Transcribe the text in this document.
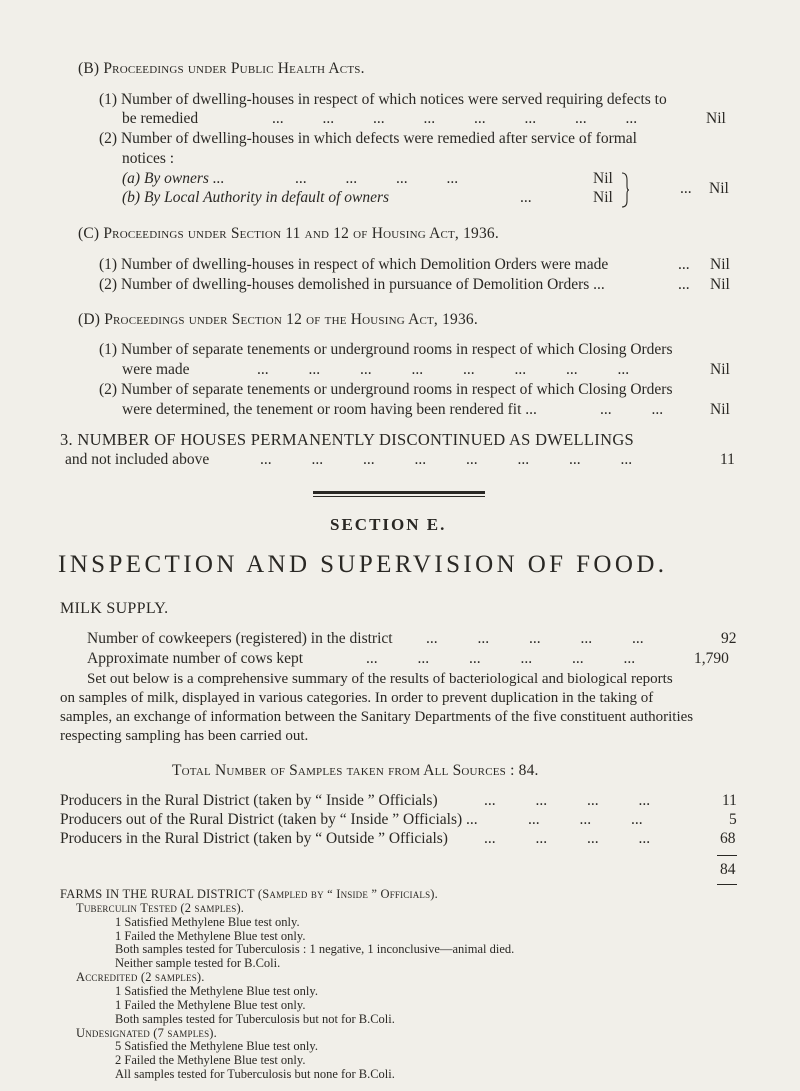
(B) Proceedings under Public Health Acts.
(1) Number of dwelling-houses in respect of which notices were served requiring defects to
be remedied	... ... ... ... ... ... ... ...	Nil
(2) Number of dwelling-houses in which defects were remedied after service of formal
notices :
(a) By owners ...	... ... ... ...	Nil
(b) By Local Authority in default of owners	...	Nil
... Nil
(C) Proceedings under Section 11 and 12 of Housing Act, 1936.
(1) Number of dwelling-houses in respect of which Demolition Orders were made	... Nil
(2) Number of dwelling-houses demolished in pursuance of Demolition Orders ...	... Nil
(D) Proceedings under Section 12 of the Housing Act, 1936.
(1) Number of separate tenements or underground rooms in respect of which Closing Orders
were made	... ... ... ... ... ... ... ...	Nil
(2) Number of separate tenements or underground rooms in respect of which Closing Orders
were determined, the tenement or room having been rendered fit ...	... ...	Nil
3. NUMBER OF HOUSES PERMANENTLY DISCONTINUED AS DWELLINGS
and not included above	... ... ... ... ... ... ... ...	11
SECTION E.
INSPECTION AND SUPERVISION OF FOOD.
MILK SUPPLY.
Number of cowkeepers (registered) in the district ... ... ... ... ...	92
Approximate number of cows kept	... ... ... ... ... ...	1,790
Set out below is a comprehensive summary of the results of bacteriological and biological reports
on samples of milk, displayed in various categories. In order to prevent duplication in the taking of
samples, an exchange of information between the Sanitary Departments of the five constituent authorities
respecting sampling has been carried out.
Total Number of Samples taken from All Sources : 84.
Producers in the Rural District (taken by “ Inside ” Officials)	... ... ... ...	11
Producers out of the Rural District (taken by “ Inside ” Officials) ...	... ... ...	5
Producers in the Rural District (taken by “ Outside ” Officials) ... ... ... ...	68
84
FARMS IN THE RURAL DISTRICT (Sampled by “ Inside ” Officials).
Tuberculin Tested (2 samples).
1 Satisfied Methylene Blue test only.
1 Failed the Methylene Blue test only.
Both samples tested for Tuberculosis : 1 negative, 1 inconclusive—animal died.
Neither sample tested for B.Coli.
Accredited (2 samples).
1 Satisfied the Methylene Blue test only.
1 Failed the Methylene Blue test only.
Both samples tested for Tuberculosis but not for B.Coli.
Undesignated (7 samples).
5 Satisfied the Methylene Blue test only.
2 Failed the Methylene Blue test only.
All samples tested for Tuberculosis but none for B.Coli.
